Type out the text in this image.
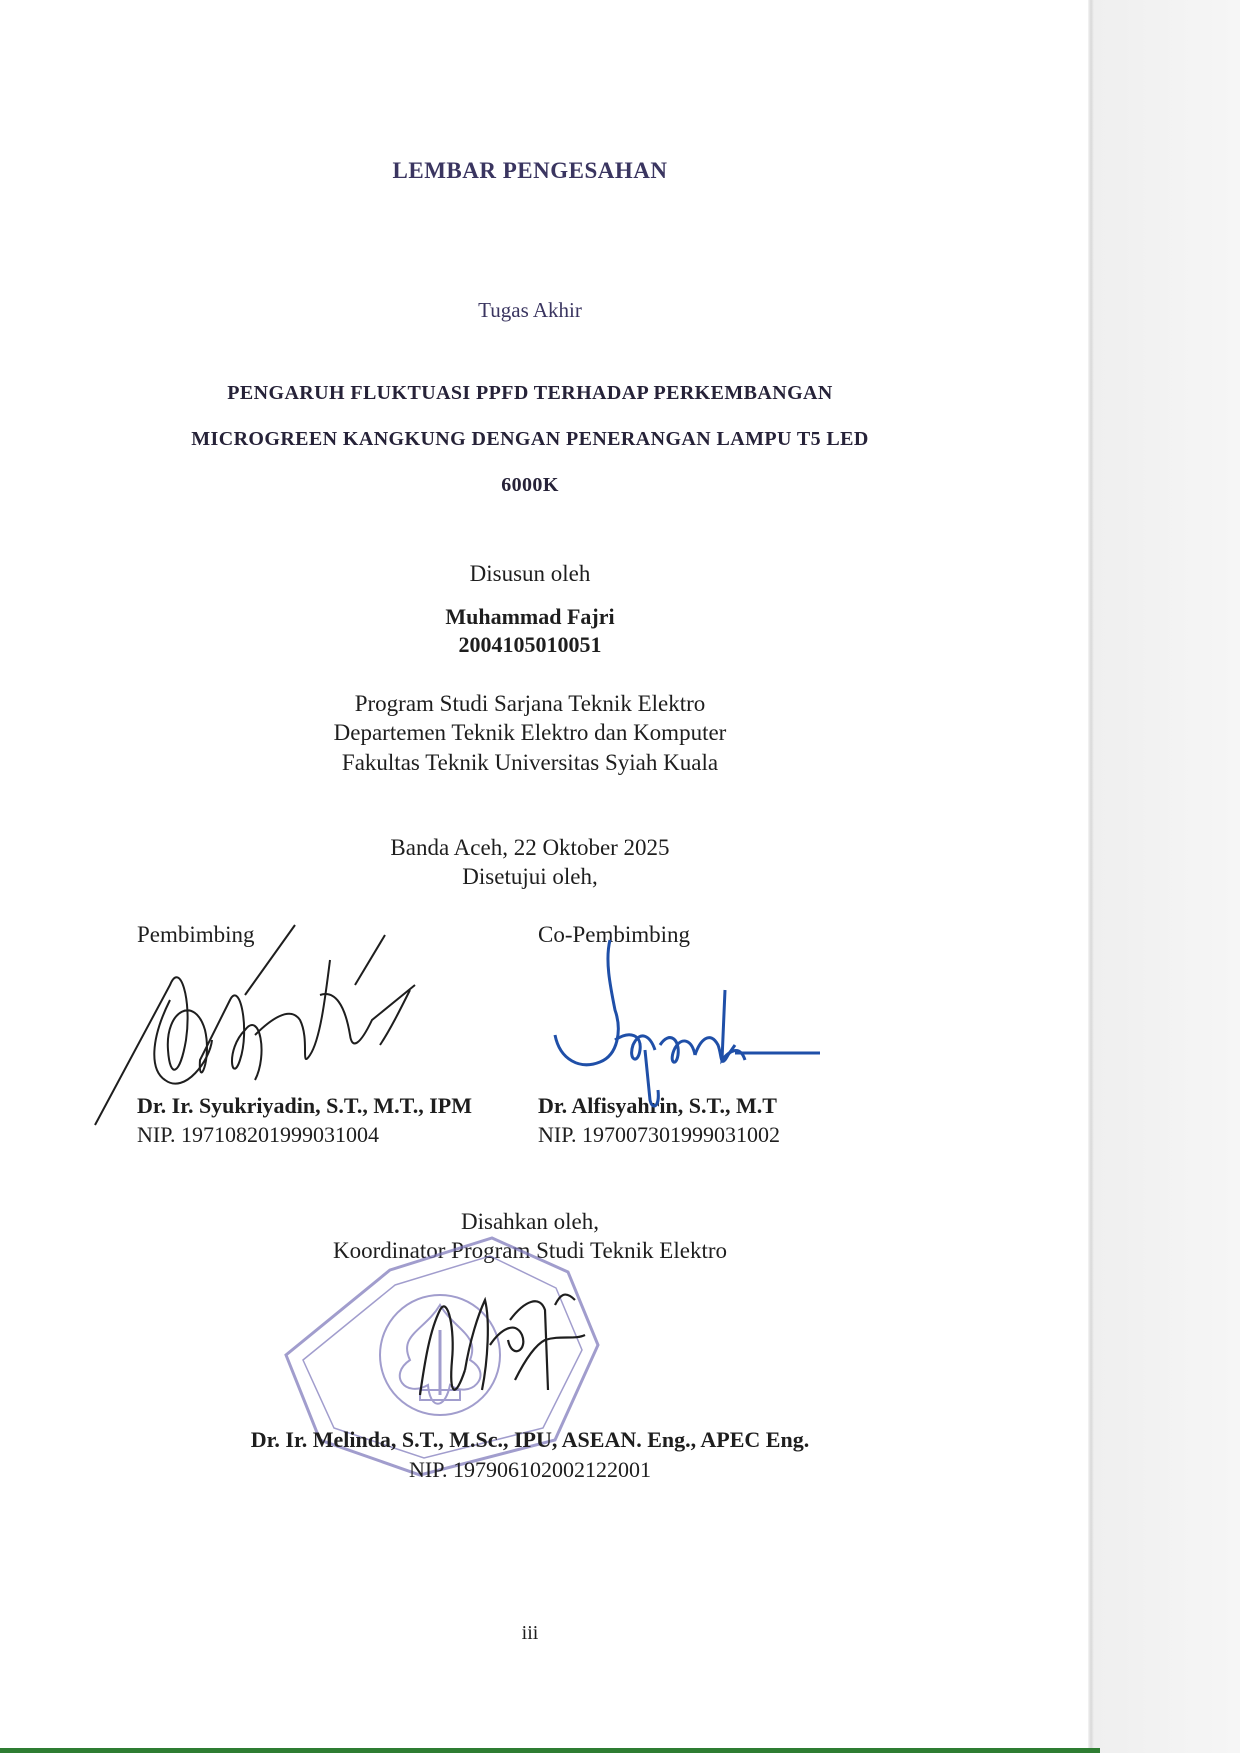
LEMBAR PENGESAHAN
Tugas Akhir
PENGARUH FLUKTUASI PPFD TERHADAP PERKEMBANGAN
MICROGREEN KANGKUNG DENGAN PENERANGAN LAMPU T5 LED
6000K
Disusun oleh
Muhammad Fajri
2004105010051
Program Studi Sarjana Teknik Elektro
Departemen Teknik Elektro dan Komputer
Fakultas Teknik Universitas Syiah Kuala
Banda Aceh, 22 Oktober 2025
Disetujui oleh,
Pembimbing	Co-Pembimbing
Dr. Ir. Syukriyadin, S.T., M.T., IPM
NIP. 197108201999031004
Dr. Alfisyahrin, S.T., M.T
NIP. 197007301999031002
Disahkan oleh,
Koordinator Program Studi Teknik Elektro
Dr. Ir. Melinda, S.T., M.Sc., IPU, ASEAN. Eng., APEC Eng.
NIP. 197906102002122001
iii
